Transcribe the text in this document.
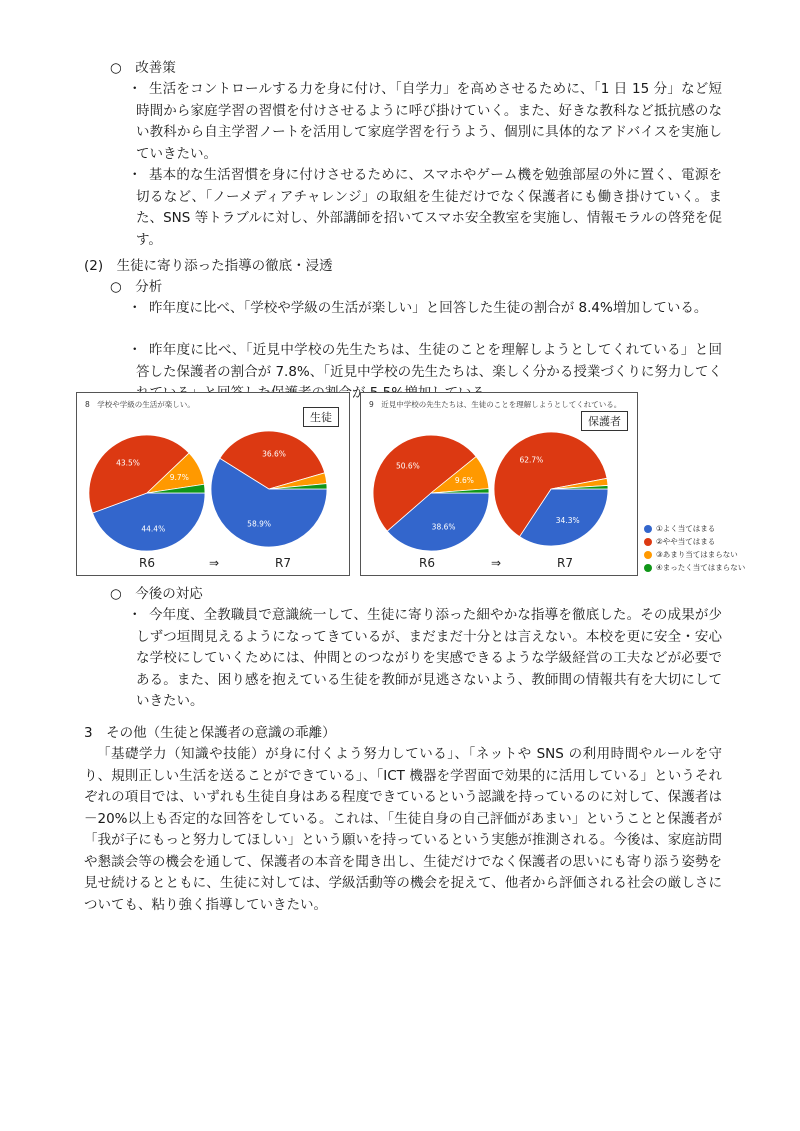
○　改善策
・ 生活をコントロールする力を身に付け、「自学力」を高めさせるために、「1 日 15 分」など短時間から家庭学習の習慣を付けさせるように呼び掛けていく。また、好きな教科など抵抗感のない教科から自主学習ノートを活用して家庭学習を行うよう、個別に具体的なアドバイスを実施していきたい。
・ 基本的な生活習慣を身に付けさせるために、スマホやゲーム機を勉強部屋の外に置く、電源を切るなど、「ノーメディアチャレンジ」の取組を生徒だけでなく保護者にも働き掛けていく。また、SNS 等トラブルに対し、外部講師を招いてスマホ安全教室を実施し、情報モラルの啓発を促す。
(2)　生徒に寄り添った指導の徹底・浸透
○　分析
・ 昨年度に比べ、「学校や学級の生活が楽しい」と回答した生徒の割合が 8.4%増加している。
・ 昨年度に比べ、「近見中学校の先生たちは、生徒のことを理解しようとしてくれている」と回答した保護者の割合が 7.8%、「近見中学校の先生たちは、楽しく分かる授業づくりに努力してく 合が
8　学校や学級の生活が楽しい。
生徒
44.4%
43.5%
9.7%
58.9%
36.6%
R6	⇒	R7
9　近見中学校の先生たちは、生徒のことを理解しようとしてくれている。
保護者
38.6%
50.6%
9.6%
34.3%
62.7%
R6	⇒	R7
①よく当てはまる
②やや当てはまる
③あまり当てはまらない
④まったく当てはまらない
○　今後の対応
・ 今年度、全教職員で意識統一して、生徒に寄り添った細やかな指導を徹底した。その成果が少しずつ垣間見えるようになってきているが、まだまだ十分とは言えない。本校を更に安全・安心な学校にしていくためには、仲間とのつながりを実感できるような学級経営の工夫などが必要である。また、困り感を抱えている生徒を教師が見逃さないよう、教師間の情報共有を大切にしていきたい。
3　その他（生徒と保護者の意識の乖離）
「基礎学力（知識や技能）が身に付くよう努力している」、「ネットや SNS の利用時間やルールを守り、規則正しい生活を送ることができている」、「ICT 機器を学習面で効果的に活用している」というそれぞれの項目では、いずれも生徒自身はある程度できているという認識を持っているのに対して、保護者は－20%以上も否定的な回答をしている。これは、「生徒自身の自己評価があまい」ということと保護者が「我が子にもっと努力してほしい」という願いを持っているという実態が推測される。今後は、家庭訪問や懇談会等の機会を通して、保護者の本音を聞き出し、生徒だけでなく保護者の思いにも寄り添う姿勢を見せ続けるとともに、生徒に対しては、学級活動等の機会を捉えて、他者から評価される社会の厳しさについても、粘り強く指導していきたい。
